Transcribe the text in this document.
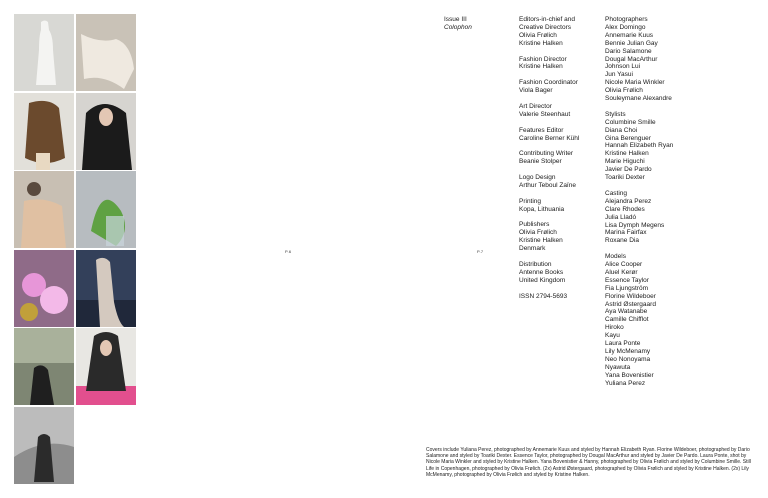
P.6	P.7
Issue III
Colophon
Editors-in-chief and
Creative Directors
Olivia Frølich
Kristine Halken
Fashion Director
Kristine Halken
Fashion Coordinator
Viola Bager
Art Director
Valerie Steenhaut
Features Editor
Caroline Berner Kühl
Contributing Writer
Beanie Stolper
Logo Design
Arthur Teboul Zaïne
Printing
Kopa, Lithuania
Publishers
Olivia Frølich
Kristine Halken
Denmark
Distribution
Antenne Books
United Kingdom
ISSN 2794-5693
Photographers
Alex Domingo
Annemarie Kuus
Bennie Julian Gay
Dario Salamone
Dougal MacArthur
Johnson Lui
Jun Yasui
Nicole Maria Winkler
Olivia Frølich
Souleymane Alexandre
Stylists
Columbine Smille
Diana Choi
Gina Berenguer
Hannah Elizabeth Ryan
Kristine Halken
Marie Higuchi
Javier De Pardo
Toariki Dexter
Casting
Alejandra Perez
Clare Rhodes
Julia Lladó
Lisa Dymph Megens
Marina Fairfax
Roxane Dia
Models
Alice Cooper
Aluel Kerør
Essence Taylor
Fia Ljungström
Florine Wildeboer
Astrid Østergaard
Aya Watanabe
Camille Chifflot
Hiroko
Kayu
Laura Ponte
Lily McMenamy
Neo Nonoyama
Nyawuta
Yana Bovenistier
Yuliana Perez
Covers include Yuliana Perez, photographed by Annemarie Kuus and styled by Hannah Elizabeth Ryan. Florine Wildeboer, photographed by Dario Salamone and styled by Toariki Dexter. Essence Taylor, photographed by Dougal MacArthur and styled by Javier De Pardo. Laura Ponte, shot by Nicole Maria Winkler and styled by Kristine Halken. Yana Bovenistier & Hanny, photographed by Olivia Frølich and styled by Columbine Smille. Still Life in Copenhagen, photographed by Olivia Frølich. (2x) Astrid Østergaard, photographed by Olivia Frølich and styled by Kristine Halken. (2x) Lily McMenamy, photographed by Olivia Frølich and styled by Kristine Halken.
